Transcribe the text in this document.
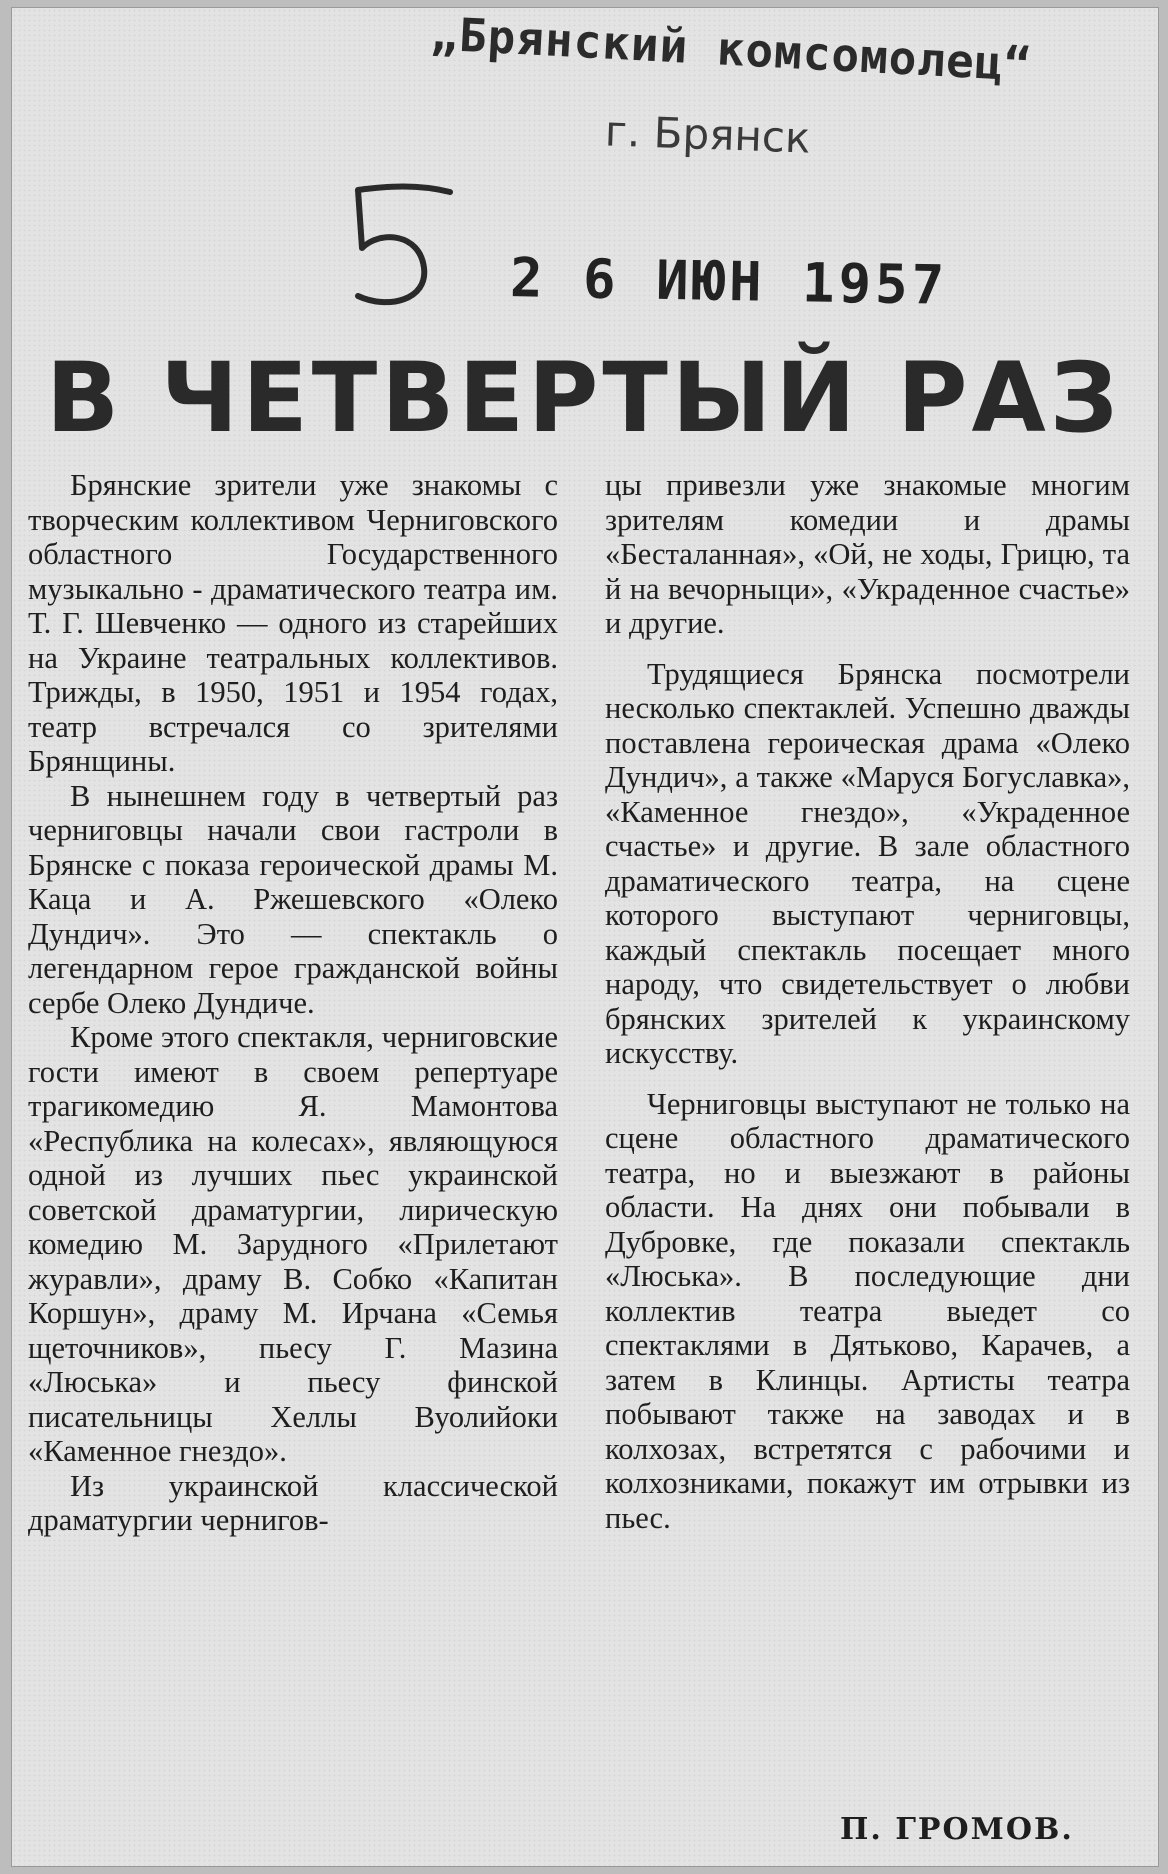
„Брянский комсомолец“
г. Брянск
2 6 ИЮН 1957
В ЧЕТВЕРТЫЙ РАЗ

Брянские зрители уже знакомы с творческим коллективом Черниговского областного Государственного музыкально - драматического театра им. Т. Г. Шевченко — одного из старейших на Украине театральных коллективов. Трижды, в 1950, 1951 и 1954 годах, театр встречался со зрителями Брянщины.

В нынешнем году в четвертый раз черниговцы начали свои гастроли в Брянске с показа героической драмы М. Каца и А. Ржешевского «Олеко Дундич». Это — спектакль о легендарном герое гражданской войны сербе Олеко Дундиче.

Кроме этого спектакля, черниговские гости имеют в своем репертуаре трагикомедию Я. Мамонтова «Республика на колесах», являющуюся одной из лучших пьес украинской советской драматургии, лирическую комедию М. Зарудного «Прилетают журавли», драму В. Собко «Капитан Коршун», драму М. Ирчана «Семья щеточников», пьесу Г. Мазина «Люська» и пьесу финской писательницы Хеллы Вуолийоки «Каменное гнездо».

Из украинской классической драматургии чернигов-

цы привезли уже знакомые многим зрителям комедии и драмы «Бесталанная», «Ой, не ходы, Грицю, та й на вечорныци», «Украденное счастье» и другие.

Трудящиеся Брянска посмотрели несколько спектаклей. Успешно дважды поставлена героическая драма «Олеко Дундич», а также «Маруся Богуславка», «Каменное гнездо», «Украденное счастье» и другие. В зале областного драматического театра, на сцене которого выступают черниговцы, каждый спектакль посещает много народу, что свидетельствует о любви брянских зрителей к украинскому искусству.

Черниговцы выступают не только на сцене областного драматического театра, но и выезжают в районы области. На днях они побывали в Дубровке, где показали спектакль «Люська». В последующие дни коллектив театра выедет со спектаклями в Дятьково, Карачев, а затем в Клинцы. Артисты театра побывают также на заводах и в колхозах, встретятся с рабочими и колхозниками, покажут им отрывки из пьес.

П. ГРОМОВ.
